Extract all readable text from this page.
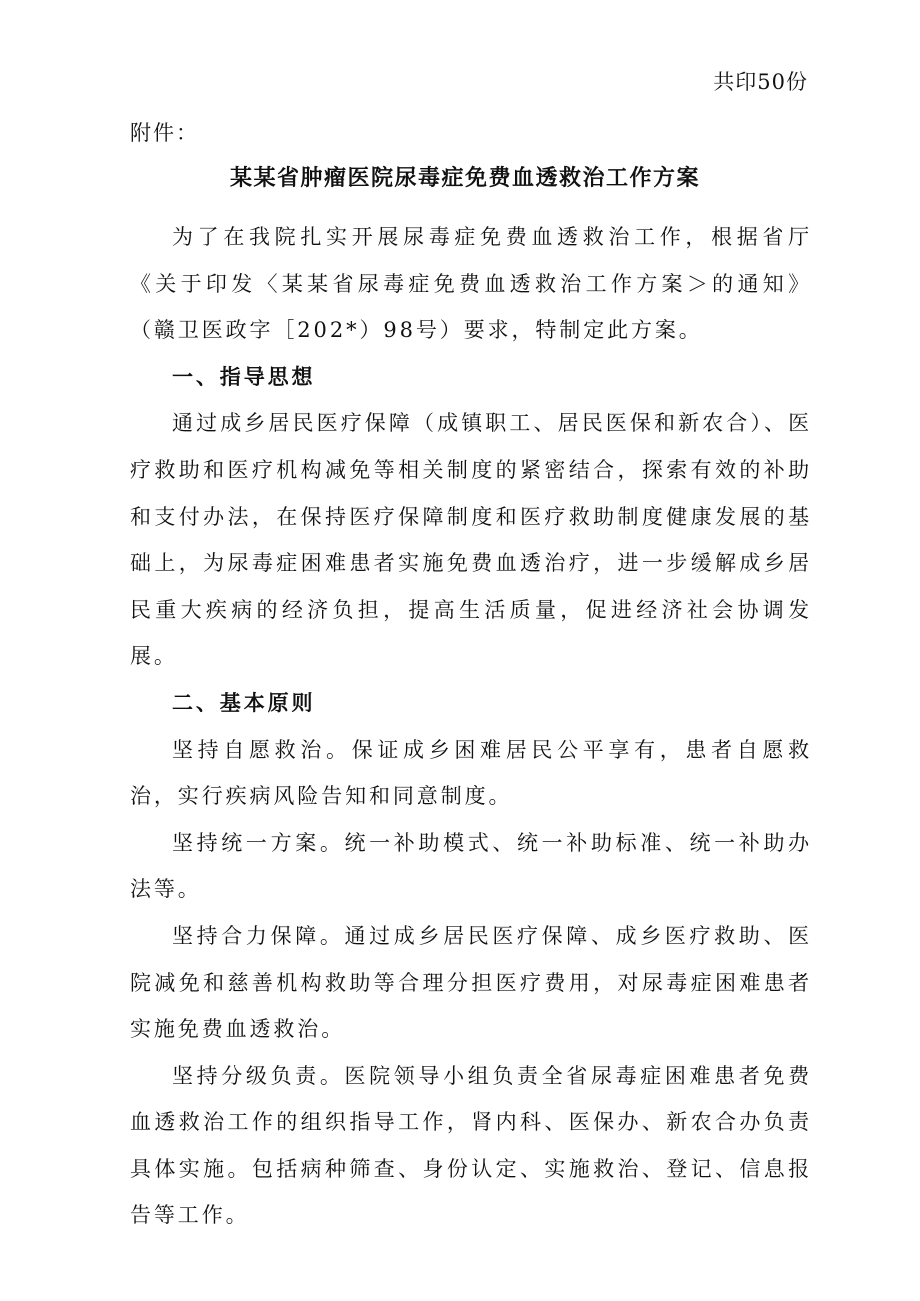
共印50份
附件：
某某省肿瘤医院尿毒症免费血透救治工作方案

为了在我院扎实开展尿毒症免费血透救治工作，根据省厅《关于印发〈某某省尿毒症免费血透救治工作方案＞的通知》（赣卫医政字［202*）98号）要求，特制定此方案。

一、指导思想

通过成乡居民医疗保障（成镇职工、居民医保和新农合）、医疗救助和医疗机构减免等相关制度的紧密结合，探索有效的补助和支付办法，在保持医疗保障制度和医疗救助制度健康发展的基础上，为尿毒症困难患者实施免费血透治疗，进一步缓解成乡居民重大疾病的经济负担，提高生活质量，促进经济社会协调发展。

二、基本原则

坚持自愿救治。保证成乡困难居民公平享有，患者自愿救治，实行疾病风险告知和同意制度。

坚持统一方案。统一补助模式、统一补助标准、统一补助办法等。

坚持合力保障。通过成乡居民医疗保障、成乡医疗救助、医院减免和慈善机构救助等合理分担医疗费用，对尿毒症困难患者实施免费血透救治。

坚持分级负责。医院领导小组负责全省尿毒症困难患者免费血透救治工作的组织指导工作，肾内科、医保办、新农合办负责具体实施。包括病种筛查、身份认定、实施救治、登记、信息报告等工作。
